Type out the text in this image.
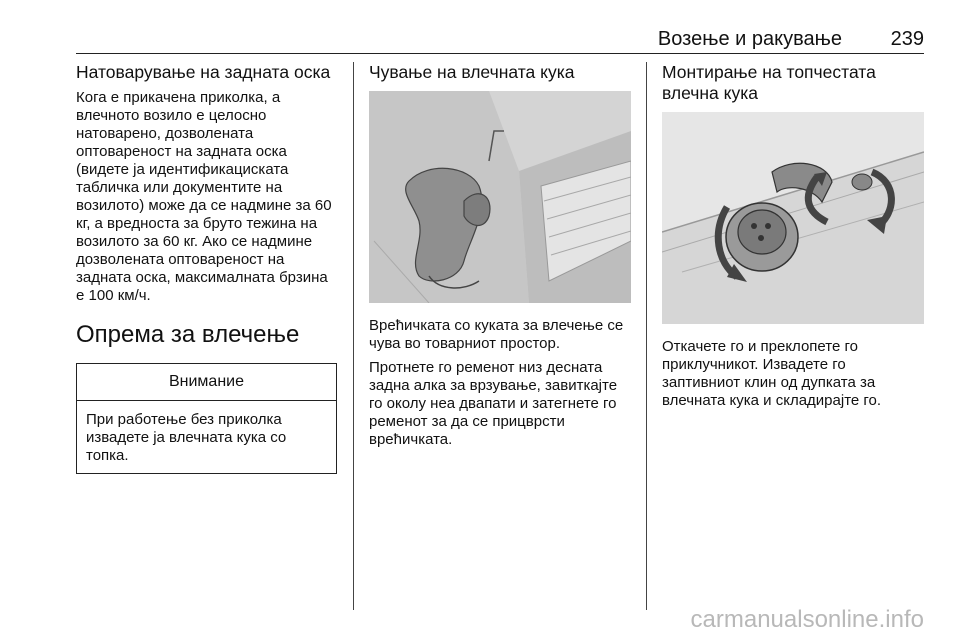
Возење и ракување 239
Натоварување на задната оска

Кога е прикачена приколка, а влечното возило е целосно натоварено, дозволената оптовареност на задната оска (видете ја идентификациската табличка или документите на возилото) може да се надмине за 60 кг, а вредноста за бруто тежина на возилото за 60 кг. Ако се надмине дозволената оптовареност на задната оска, максималната брзина е 100 км/ч.

Опрема за влечење
Внимание
При работење без приколка извадете ја влечната кука со топка.
Чување на влечната кука

Врећичката со куката за влечење се чува во товарниот простор.

Протнете го ременот низ десната задна алка за врзување, завиткајте го околу неа двапати и затегнете го ременот за да се прицврсти врећичката.

Монтирање на топчестата влечна кука

Откачете го и преклопете го приклучникот. Извадете го заптивниот клин од дупката за влечната кука и складирајте го.

carmanualsonline.info
